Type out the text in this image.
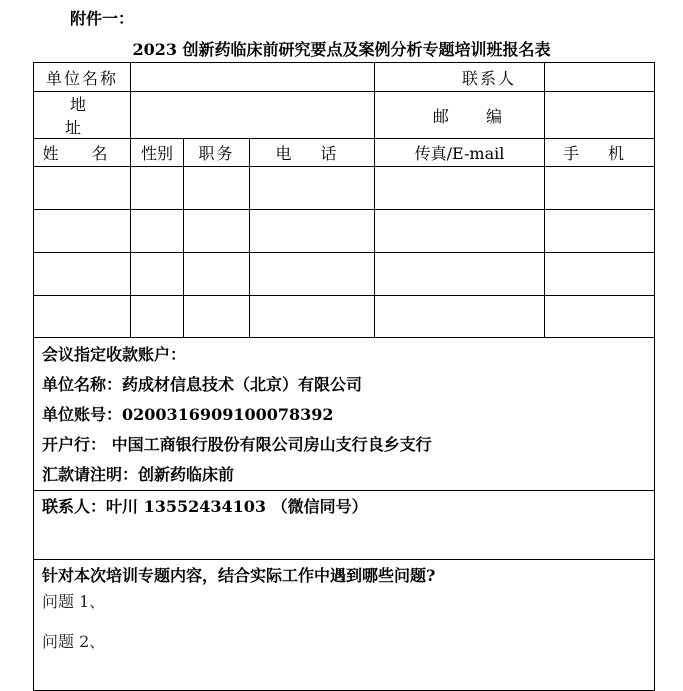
附件一：
2023 创新药临床前研究要点及案例分析专题培训班报名表
单位名称				联系人	
地 址				邮 编	
姓 名	性别	职务	电 话	传真/E-mail	手 机

会议指定收款账户：
单位名称：药成材信息技术（北京）有限公司
单位账号：0200316909100078392
开户行： 中国工商银行股份有限公司房山支行良乡支行
汇款请注明：创新药临床前					

联系人：叶川 13552434103 （微信同号）					

针对本次培训专题内容，结合实际工作中遇到哪些问题?
问题 1、
问题 2、					
